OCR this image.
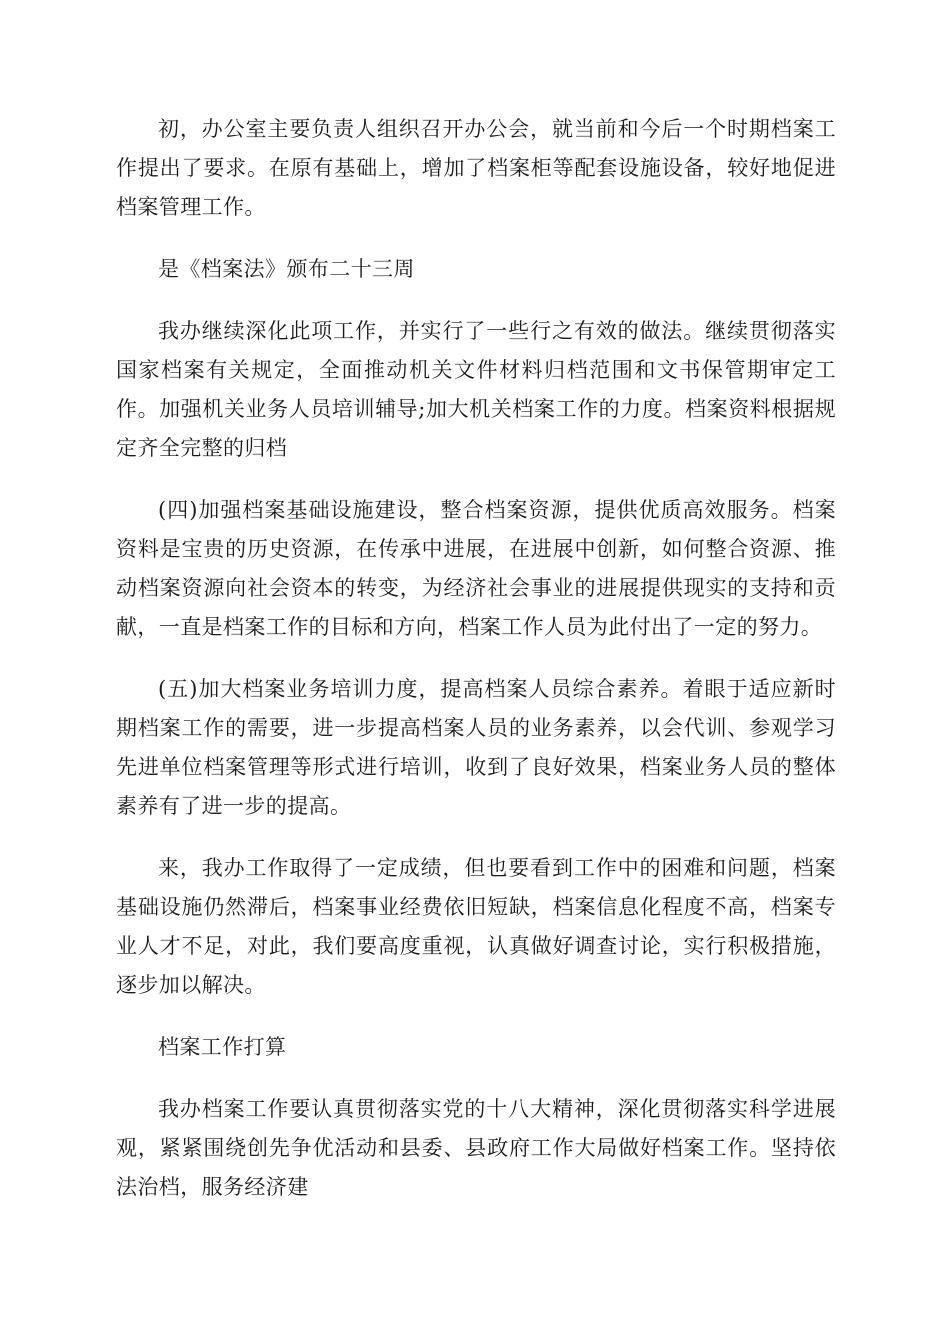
初，办公室主要负责人组织召开办公会，就当前和今后一个时期档案工作提出了要求。在原有基础上，增加了档案柜等配套设施设备，较好地促进档案管理工作。

是《档案法》颁布二十三周

我办继续深化此项工作，并实行了一些行之有效的做法。继续贯彻落实国家档案有关规定，全面推动机关文件材料归档范围和文书保管期审定工作。加强机关业务人员培训辅导;加大机关档案工作的力度。档案资料根据规定齐全完整的归档

(四)加强档案基础设施建设，整合档案资源，提供优质高效服务。档案资料是宝贵的历史资源，在传承中进展，在进展中创新，如何整合资源、推动档案资源向社会资本的转变，为经济社会事业的进展提供现实的支持和贡献，一直是档案工作的目标和方向，档案工作人员为此付出了一定的努力。

(五)加大档案业务培训力度，提高档案人员综合素养。着眼于适应新时期档案工作的需要，进一步提高档案人员的业务素养，以会代训、参观学习先进单位档案管理等形式进行培训，收到了良好效果，档案业务人员的整体素养有了进一步的提高。

来，我办工作取得了一定成绩，但也要看到工作中的困难和问题，档案基础设施仍然滞后，档案事业经费依旧短缺，档案信息化程度不高，档案专业人才不足，对此，我们要高度重视，认真做好调查讨论，实行积极措施，逐步加以解决。

档案工作打算

我办档案工作要认真贯彻落实党的十八大精神，深化贯彻落实科学进展观，紧紧围绕创先争优活动和县委、县政府工作大局做好档案工作。坚持依法治档，服务经济建
